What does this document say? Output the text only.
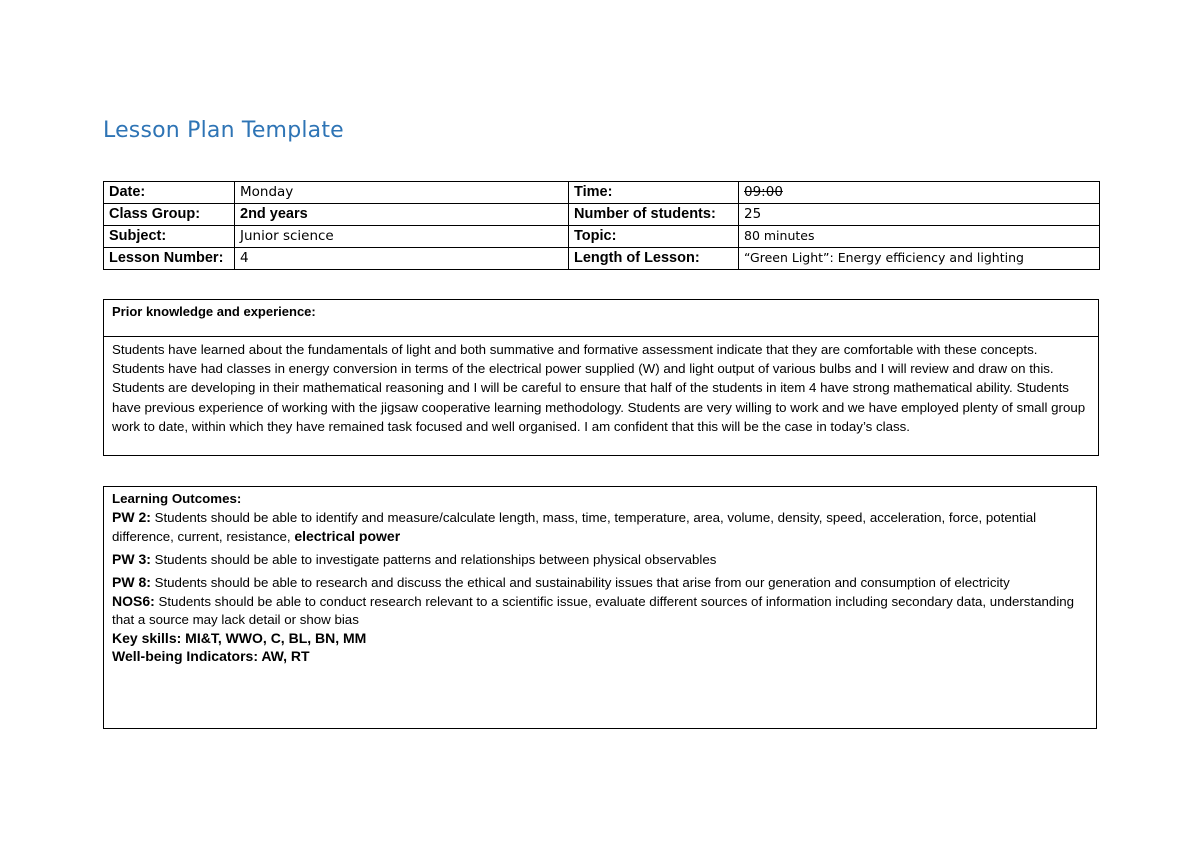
Lesson Plan Template
Date:	Monday	Time:	09:00
Class Group:	2nd years	Number of students:	25
Subject:	Junior science	Topic:	80 minutes
Lesson Number:	4	Length of Lesson:	“Green Light”: Energy efficiency and lighting
Prior knowledge and experience:
Students have learned about the fundamentals of light and both summative and formative assessment indicate that they are comfortable with these concepts. Students have had classes in energy conversion in terms of the electrical power supplied (W) and light output of various bulbs and I will review and draw on this. Students are developing in their mathematical reasoning and I will be careful to ensure that half of the students in item 4 have strong mathematical ability. Students have previous experience of working with the jigsaw cooperative learning methodology. Students are very willing to work and we have employed plenty of small group work to date, within which they have remained task focused and well organised. I am confident that this will be the case in today’s class.
Learning Outcomes:
PW 2: Students should be able to identify and measure/calculate length, mass, time, temperature, area, volume, density, speed, acceleration, force, potential difference, current, resistance, electrical power
PW 3: Students should be able to investigate patterns and relationships between physical observables
PW 8: Students should be able to research and discuss the ethical and sustainability issues that arise from our generation and consumption of electricity
NOS6: Students should be able to conduct research relevant to a scientific issue, evaluate different sources of information including secondary data, understanding that a source may lack detail or show bias
Key skills: MI&T, WWO, C, BL, BN, MM
Well-being Indicators: AW, RT
